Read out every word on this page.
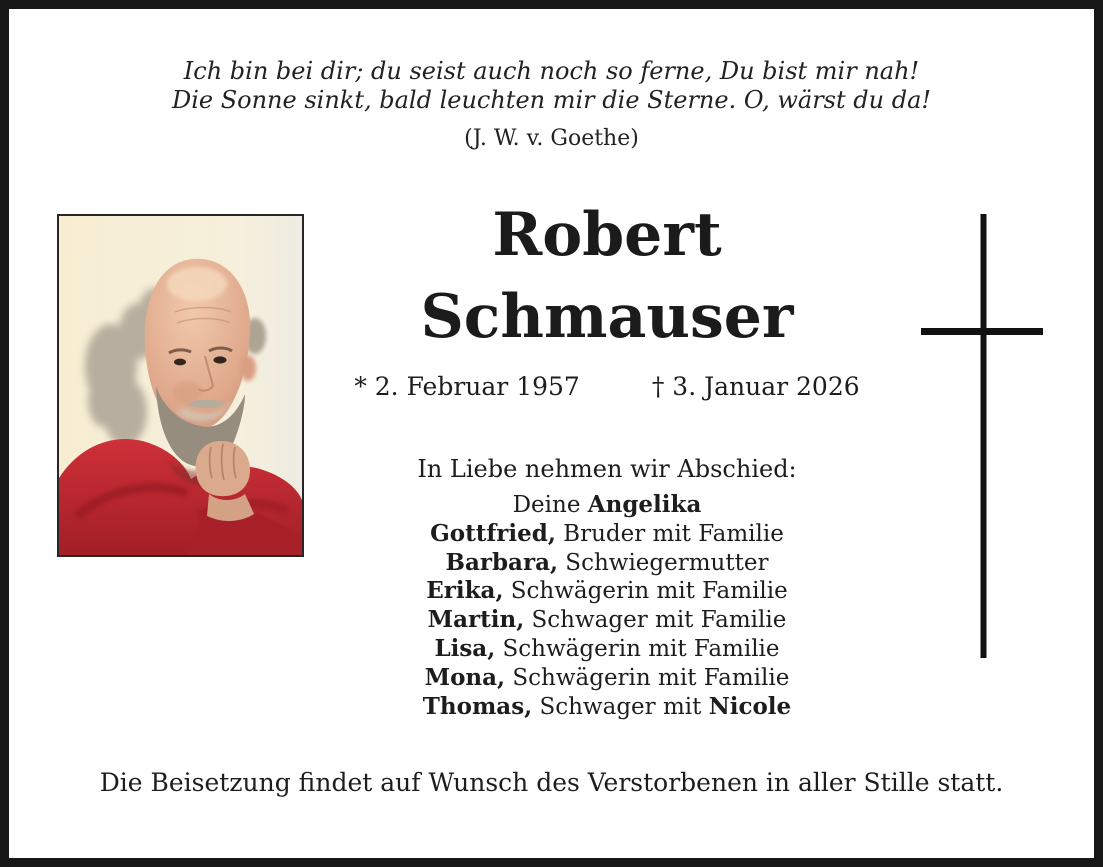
Ich bin bei dir; du seist auch noch so ferne, Du bist mir nah!
Die Sonne sinkt, bald leuchten mir die Sterne. O, wärst du da!
(J. W. v. Goethe)
Robert
Schmauser
* 2. Februar 1957	† 3. Januar 2026
In Liebe nehmen wir Abschied:
Deine Angelika
Gottfried, Bruder mit Familie
Barbara, Schwiegermutter
Erika, Schwägerin mit Familie
Martin, Schwager mit Familie
Lisa, Schwägerin mit Familie
Mona, Schwägerin mit Familie
Thomas, Schwager mit Nicole
Die Beisetzung findet auf Wunsch des Verstorbenen in aller Stille statt.
